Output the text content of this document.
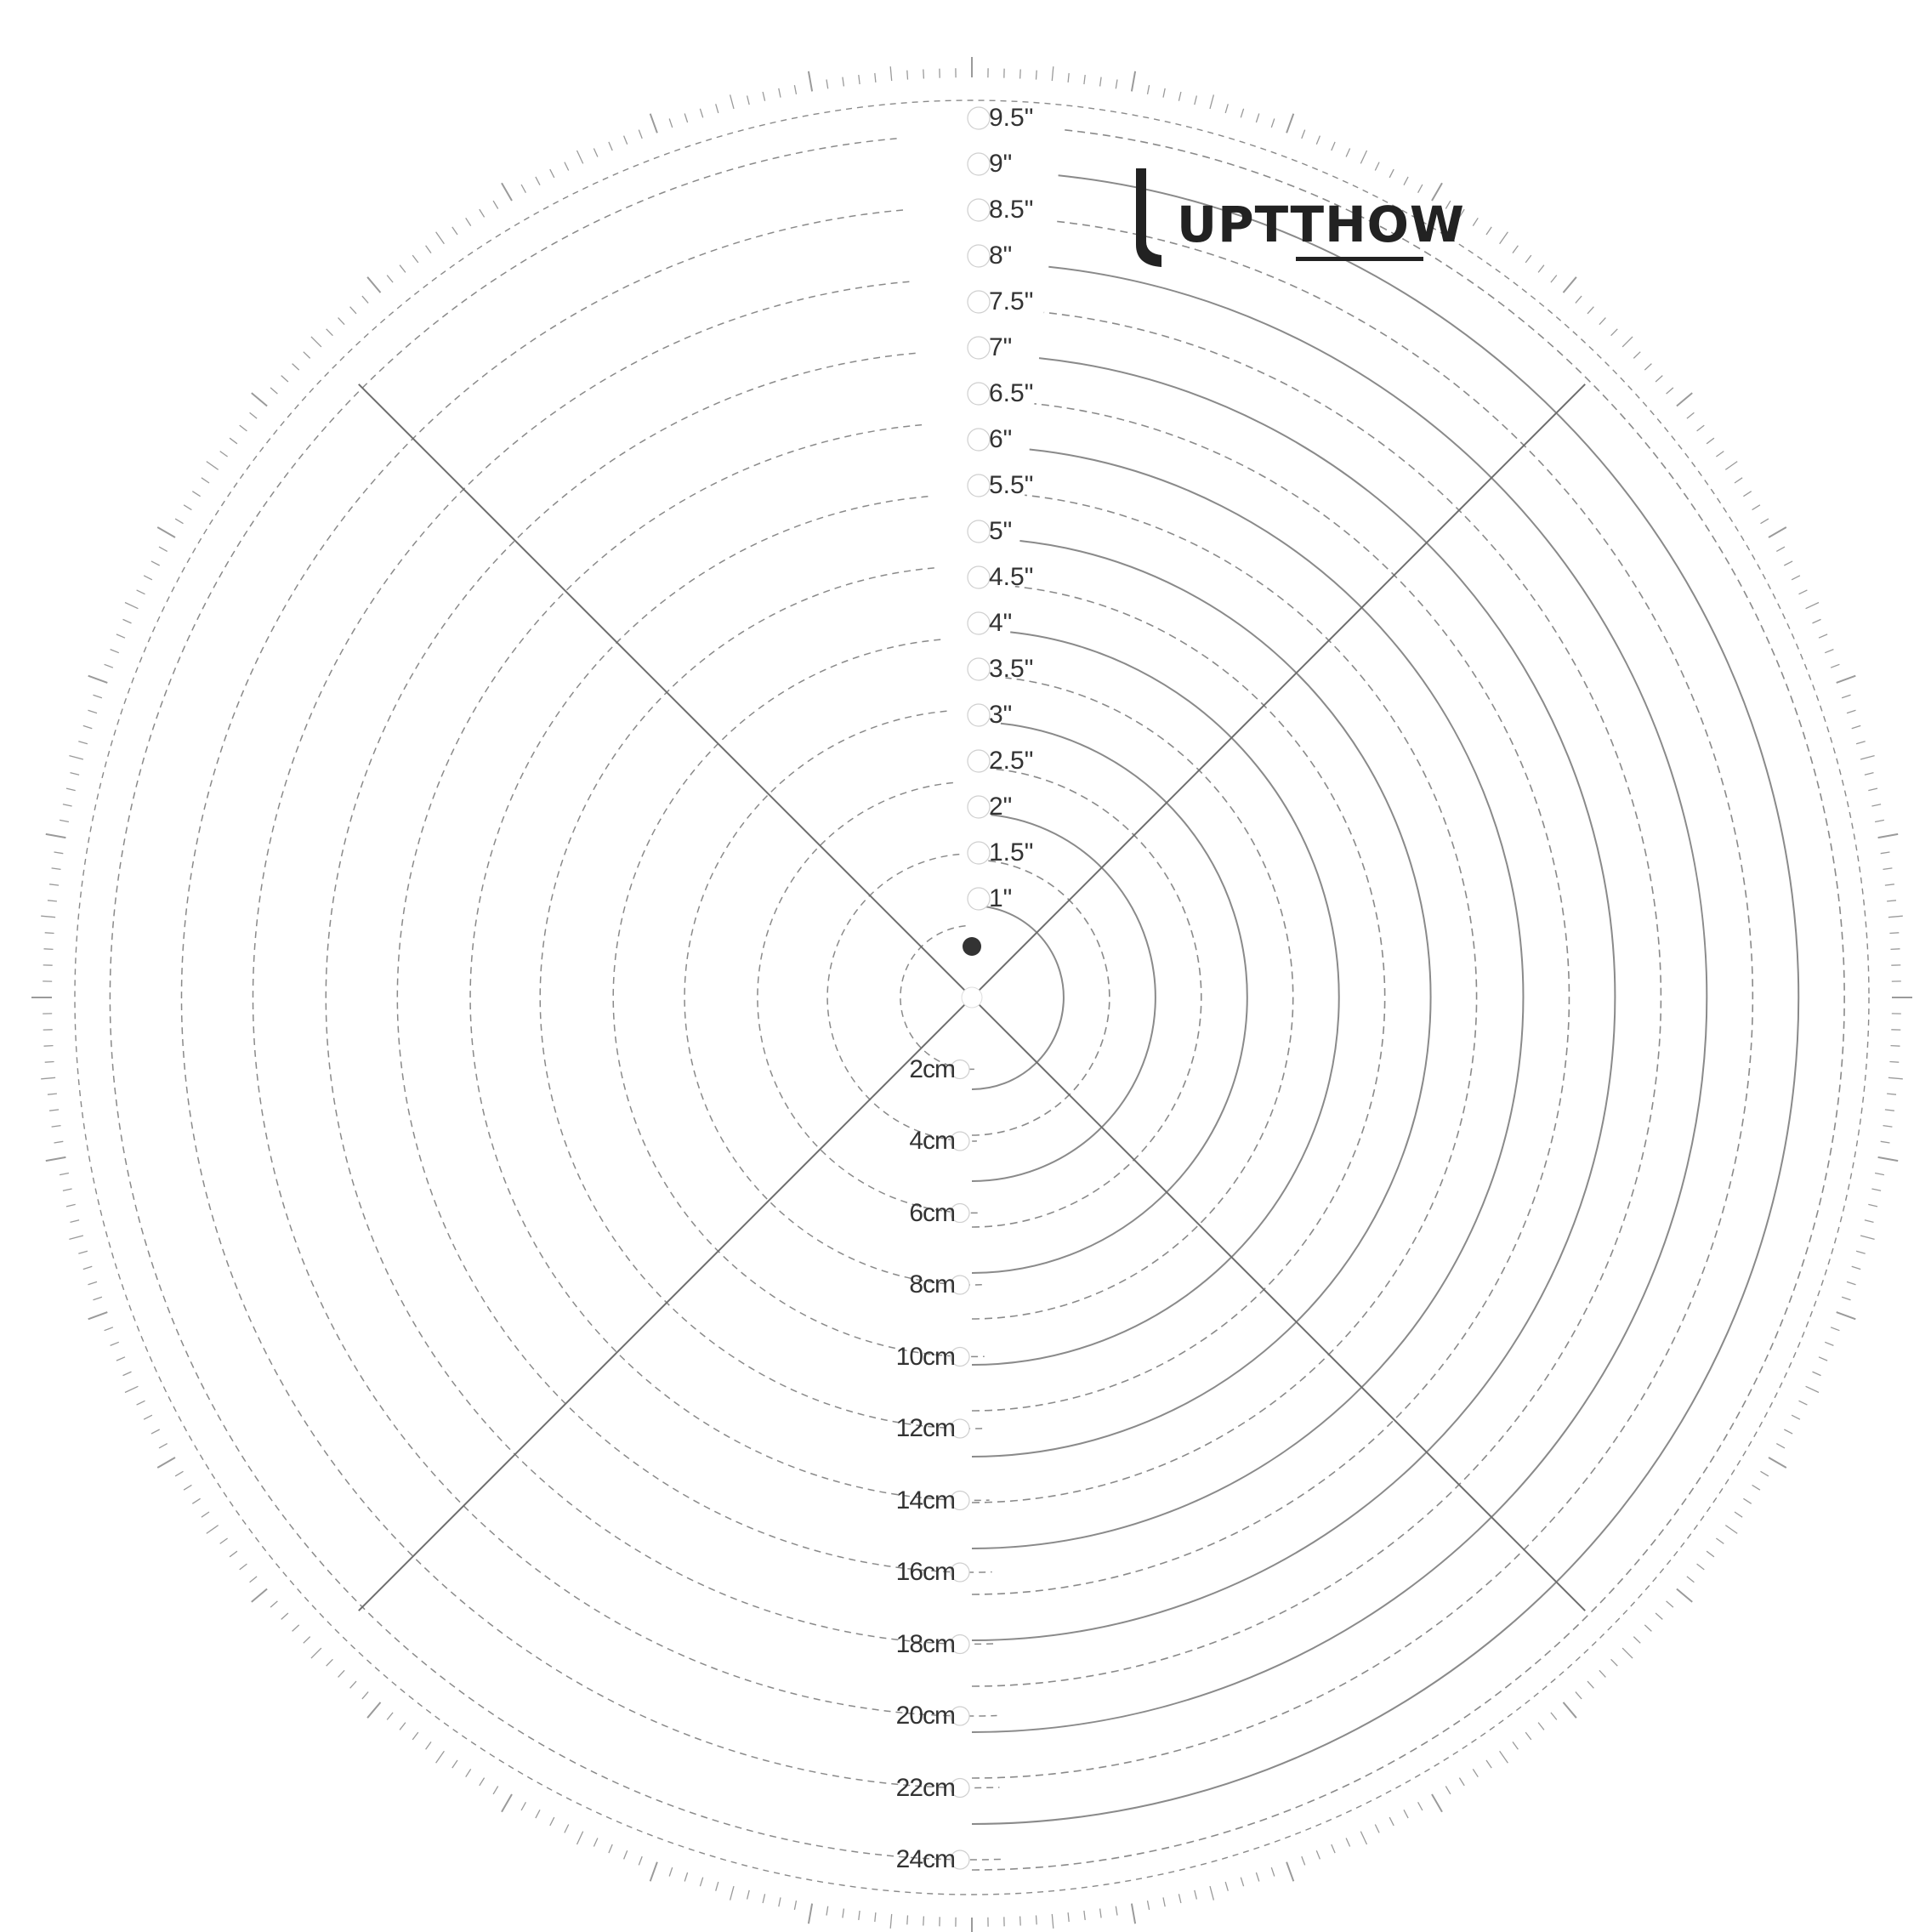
UPTTHOW
1"
1.5"
2"
2.5"
3"
3.5"
4"
4.5"
5"
5.5"
6"
6.5"
7"
7.5"
8"
8.5"
9"
9.5"
2cm
4cm
6cm
8cm
10cm
12cm
14cm
16cm
18cm
20cm
22cm
24cm
